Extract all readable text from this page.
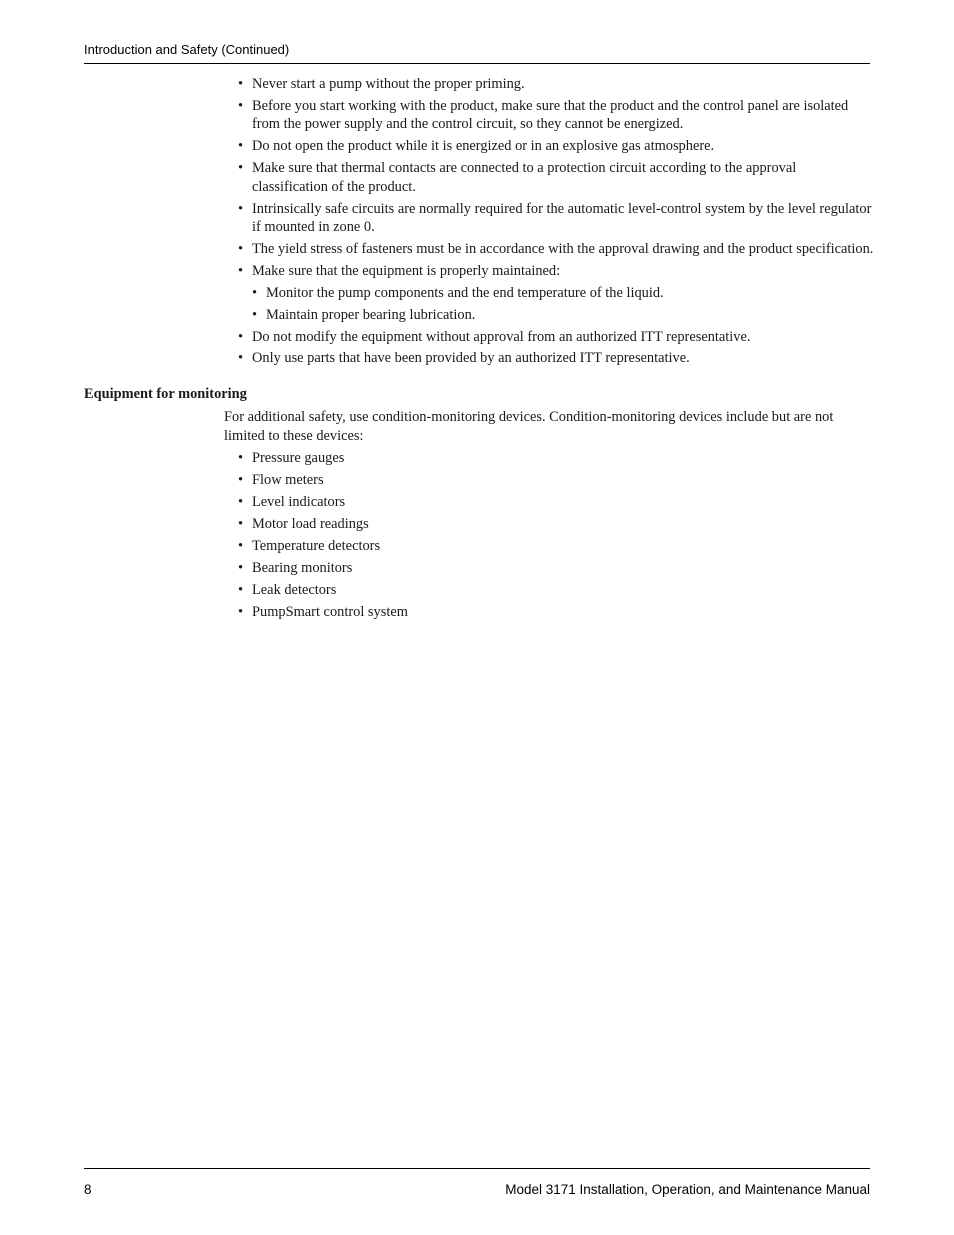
Introduction and Safety (Continued)
• Never start a pump without the proper priming.
• Before you start working with the product, make sure that the product and the control panel are isolated from the power supply and the control circuit, so they cannot be energized.
• Do not open the product while it is energized or in an explosive gas atmosphere.
• Make sure that thermal contacts are connected to a protection circuit according to the approval classification of the product.
• Intrinsically safe circuits are normally required for the automatic level-control system by the level regulator if mounted in zone 0.
• The yield stress of fasteners must be in accordance with the approval drawing and the product specification.
• Make sure that the equipment is properly maintained:
• Monitor the pump components and the end temperature of the liquid.
• Maintain proper bearing lubrication.
• Do not modify the equipment without approval from an authorized ITT representative.
• Only use parts that have been provided by an authorized ITT representative.
Equipment for monitoring

For additional safety, use condition-monitoring devices. Condition-monitoring devices include but are not limited to these devices:

• Pressure gauges
• Flow meters
• Level indicators
• Motor load readings
• Temperature detectors
• Bearing monitors
• Leak detectors
• PumpSmart control system
8	Model 3171 Installation, Operation, and Maintenance Manual
